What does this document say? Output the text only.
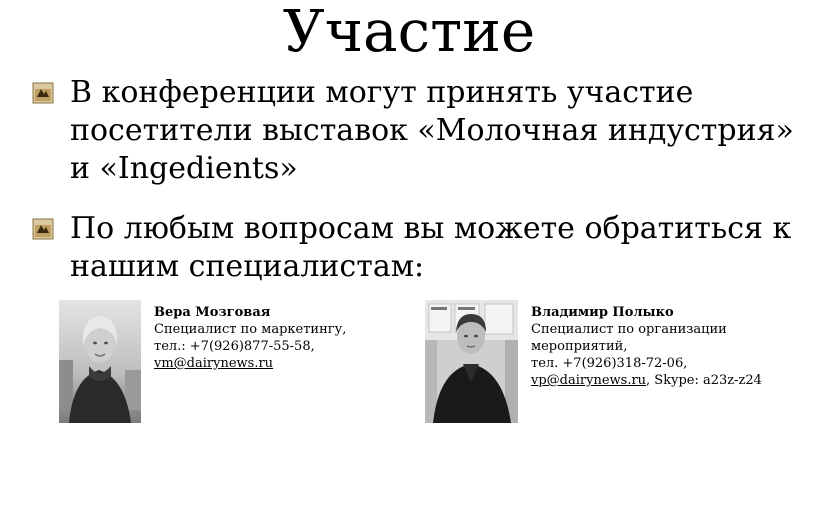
Участие
В конференции могут принять участие
посетители выставок «Молочная индустрия»
и «Ingedients»
По любым вопросам вы можете обратиться к
нашим специалистам:
Вера Мозговая
Специалист по маркетингу,
тел.: +7(926)877-55-58,
vm@dairynews.ru
Владимир Полыко
Специалист по организации
мероприятий,
тел. +7(926)318-72-06,
vp@dairynews.ru, Skype: a23z-z24
